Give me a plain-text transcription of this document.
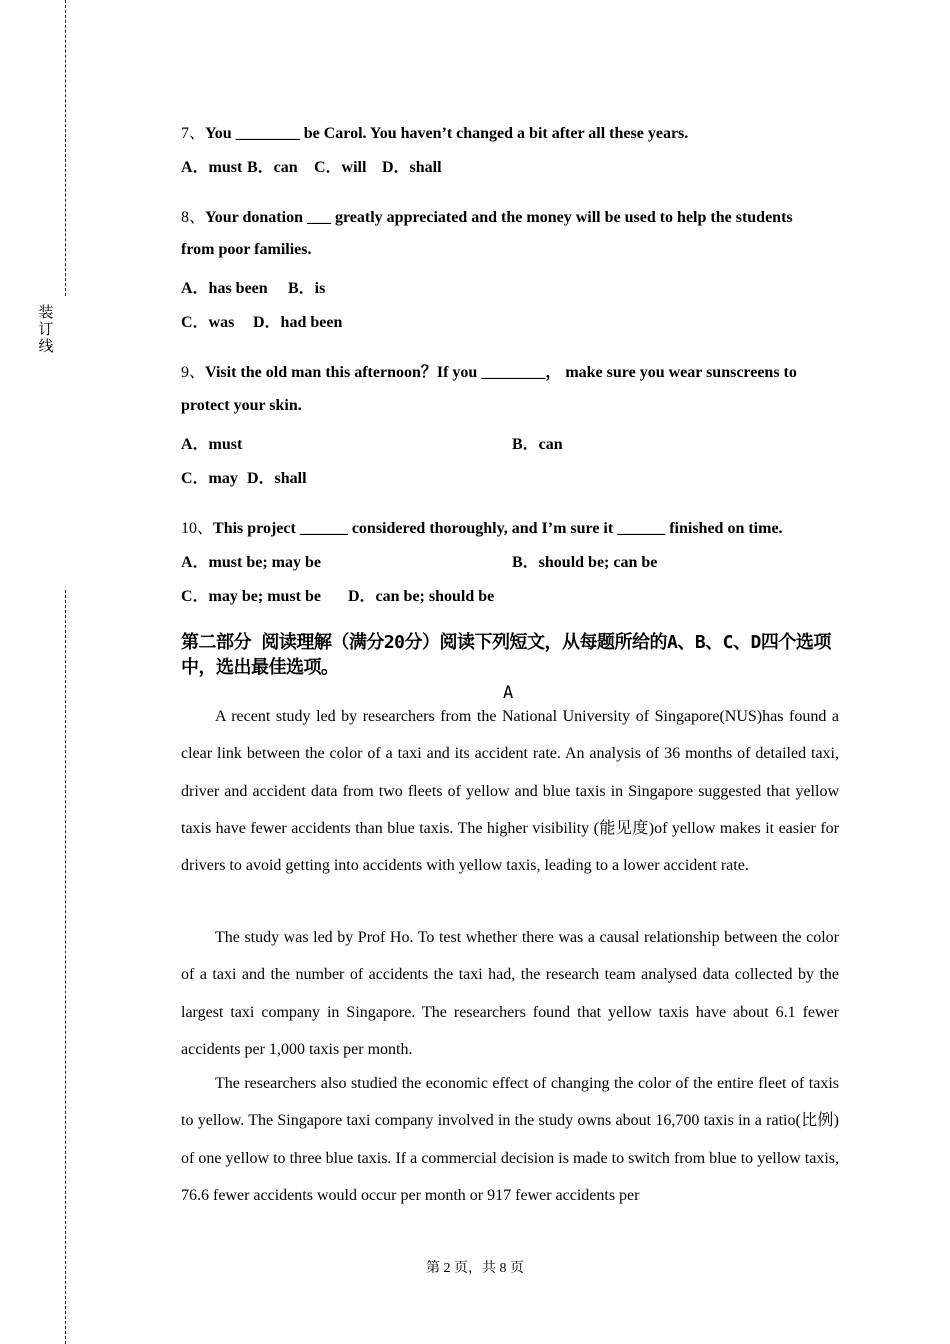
装
订
线
7、You ________ be Carol. You haven’t changed a bit after all these years.
A．must B．can C．will D．shall
8、Your donation ___ greatly appreciated and the money will be used to help the students
from poor families.
A．has been B．is
C．was D．had been
9、Visit the old man this afternoon？If you ________， make sure you wear sunscreens to
protect your skin.
A．must	B．can
C．may D．shall
10、This project ______ considered thoroughly, and I’m sure it ______ finished on time.
A．must be; may be	B．should be; can be
C．may be; must be D．can be; should be
第二部分 阅读理解（满分20分）阅读下列短文，从每题所给的A、B、C、D四个选项中，选出最佳选项。
A

A recent study led by researchers from the National University of Singapore(NUS)has found a clear link between the color of a taxi and its accident rate. An analysis of 36 months of detailed taxi, driver and accident data from two fleets of yellow and blue taxis in Singapore suggested that yellow taxis have fewer accidents than blue taxis. The higher visibility (能见度)of yellow makes it easier for drivers to avoid getting into accidents with yellow taxis, leading to a lower accident rate.

The study was led by Prof Ho. To test whether there was a causal relationship between the color of a taxi and the number of accidents the taxi had, the research team analysed data collected by the largest taxi company in Singapore. The researchers found that yellow taxis have about 6.1 fewer accidents per 1,000 taxis per month.

The researchers also studied the economic effect of changing the color of the entire fleet of taxis to yellow. The Singapore taxi company involved in the study owns about 16,700 taxis in a ratio(比例) of one yellow to three blue taxis. If a commercial decision is made to switch from blue to yellow taxis, 76.6 fewer accidents would occur per month or 917 fewer accidents per

第 2 页，共 8 页
